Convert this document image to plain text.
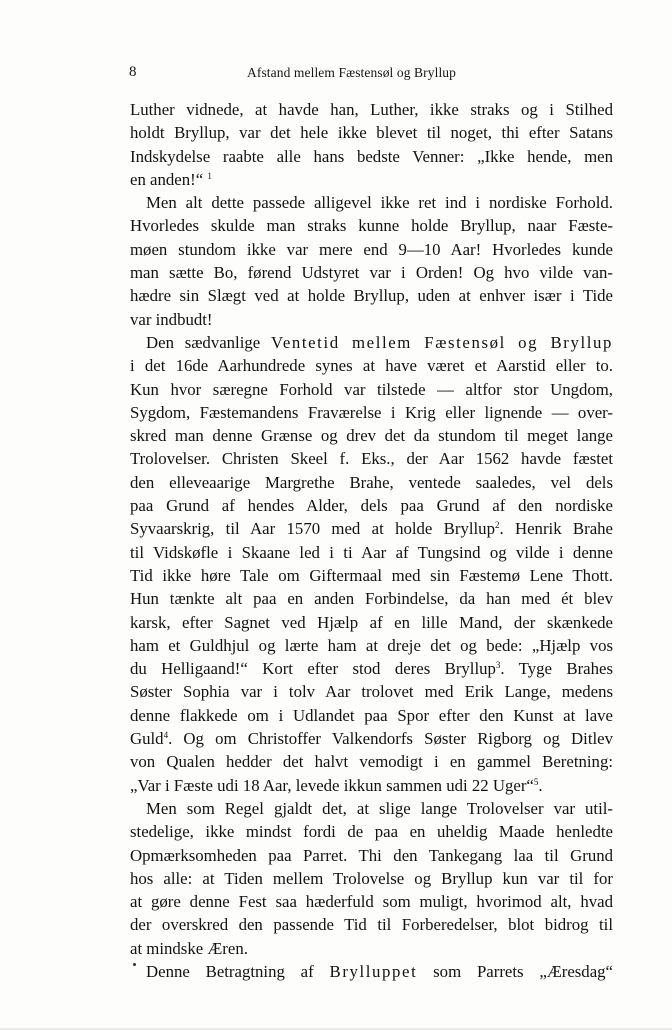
8	Afstand mellem Fæstensøl og Bryllup
Luther vidnede, at havde han, Luther, ikke straks og i Stilhed
holdt Bryllup, var det hele ikke blevet til noget, thi efter Satans
Indskydelse raabte alle hans bedste Venner: „Ikke hende, men
en anden!“ $^1$
Men alt dette passede alligevel ikke ret ind i nordiske Forhold.
Hvorledes skulde man straks kunne holde Bryllup, naar Fæste-
møen stundom ikke var mere end 9—10 Aar! Hvorledes kunde
man sætte Bo, førend Udstyret var i Orden! Og hvo vilde van-
hædre sin Slægt ved at holde Bryllup, uden at enhver især i Tide
var indbudt!
Den sædvanlige Ventetid mellem Fæstensøl og Bryllup
i det 16de Aarhundrede synes at have været et Aarstid eller to.
Kun hvor særegne Forhold var tilstede — altfor stor Ungdom,
Sygdom, Fæstemandens Fraværelse i Krig eller lignende — over-
skred man denne Grænse og drev det da stundom til meget lange
Trolovelser. Christen Skeel f. Eks., der Aar 1562 havde fæstet
den elleveaarige Margrethe Brahe, ventede saaledes, vel dels
paa Grund af hendes Alder, dels paa Grund af den nordiske
Syvaarskrig, til Aar 1570 med at holde Bryllup$^2$. Henrik Brahe
til Vidskøfle i Skaane led i ti Aar af Tungsind og vilde i denne
Tid ikke høre Tale om Giftermaal med sin Fæstemø Lene Thott.
Hun tænkte alt paa en anden Forbindelse, da han med ét blev
karsk, efter Sagnet ved Hjælp af en lille Mand, der skænkede
ham et Guldhjul og lærte ham at dreje det og bede: „Hjælp vos
du Helligaand!“ Kort efter stod deres Bryllup$^3$. Tyge Brahes
Søster Sophia var i tolv Aar trolovet med Erik Lange, medens
denne flakkede om i Udlandet paa Spor efter den Kunst at lave
Guld$^4$. Og om Christoffer Valkendorfs Søster Rigborg og Ditlev
von Qualen hedder det halvt vemodigt i en gammel Beretning:
„Var i Fæste udi 18 Aar, levede ikkun sammen udi 22 Uger“$^5$.
Men som Regel gjaldt det, at slige lange Trolovelser var util-
stedelige, ikke mindst fordi de paa en uheldig Maade henledte
Opmærksomheden paa Parret. Thi den Tankegang laa til Grund
hos alle: at Tiden mellem Trolovelse og Bryllup kun var til for
at gøre denne Fest saa hæderfuld som muligt, hvorimod alt, hvad
der overskred den passende Tid til Forberedelser, blot bidrog til
at mindske Æren.
Denne Betragtning af Brylluppet som Parrets „Æresdag“
